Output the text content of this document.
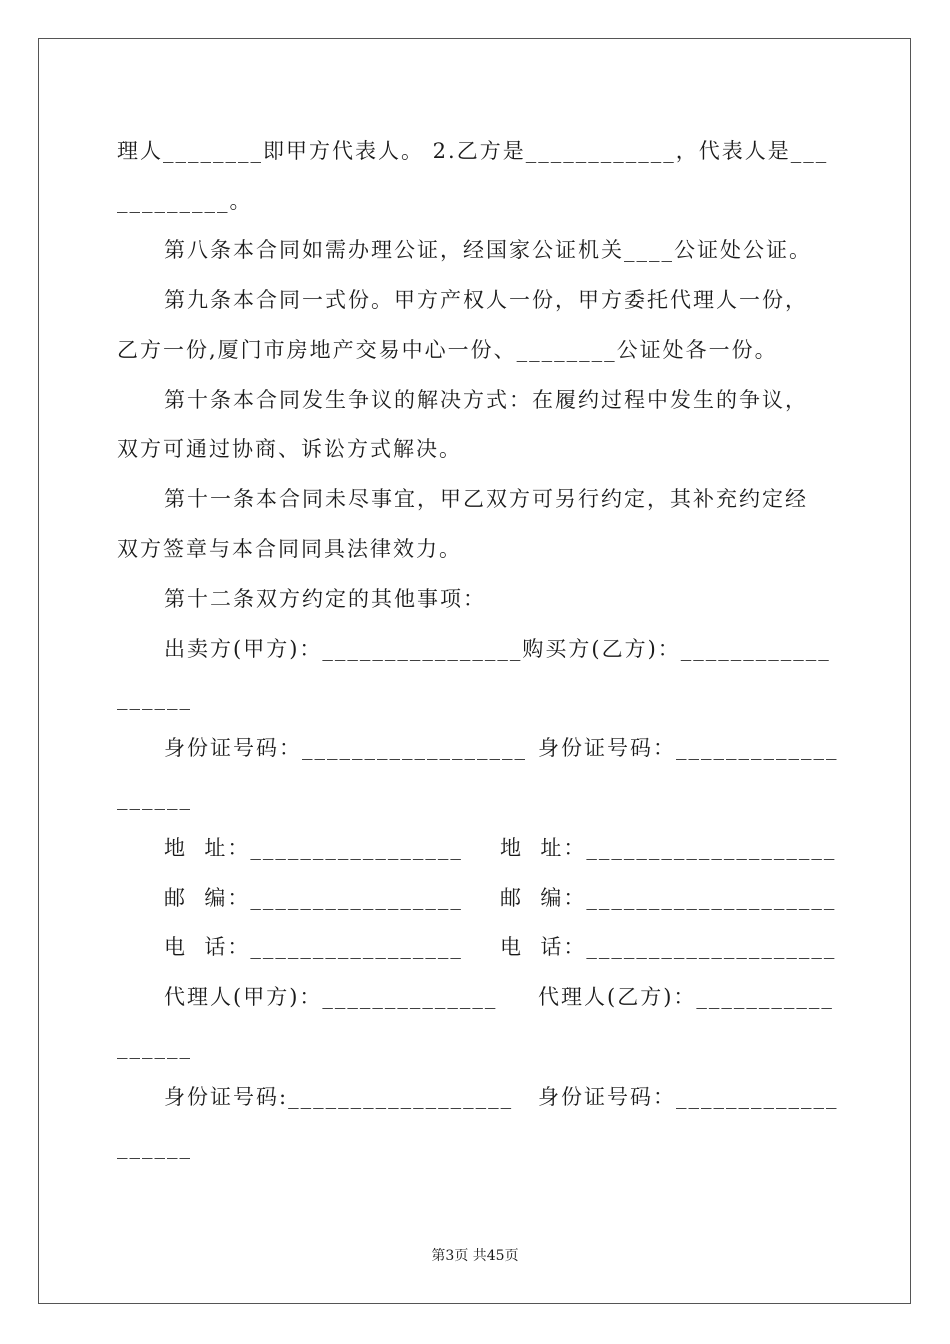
理人________即甲方代表人。 2.乙方是____________，代表人是___
_________。
第八条本合同如需办理公证，经国家公证机关____公证处公证。
第九条本合同一式份。甲方产权人一份，甲方委托代理人一份，
乙方一份,厦门市房地产交易中心一份、________公证处各一份。
第十条本合同发生争议的解决方式：在履约过程中发生的争议，
双方可通过协商、诉讼方式解决。
第十一条本合同未尽事宜，甲乙双方可另行约定，其补充约定经
双方签章与本合同同具法律效力。
第十二条双方约定的其他事项：
出卖方(甲方)：________________购买方(乙方)：____________
______
身份证号码：__________________ 身份证号码：_____________
______
地  址：_________________ 地  址：____________________
邮  编：_________________ 邮  编：____________________
电  话：_________________ 电  话：____________________
代理人(甲方)：______________ 代理人(乙方)：___________
______
身份证号码:__________________ 身份证号码：_____________
______
第3页 共45页
